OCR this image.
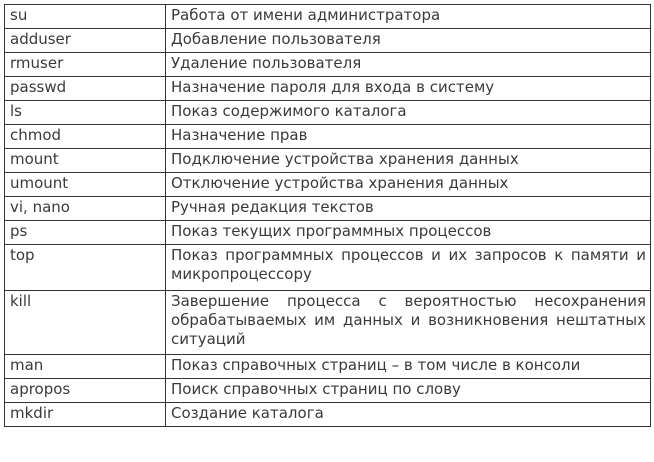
su	Работа от имени администратора
adduser	Добавление пользователя
rmuser	Удаление пользователя
passwd	Назначение пароля для входа в систему
ls	Показ содержимого каталога
chmod	Назначение прав
mount	Подключение устройства хранения данных
umount	Отключение устройства хранения данных
vi, nano	Ручная редакция текстов
ps	Показ текущих программных процессов
top	Показ программных процессов и их запросов к памяти и микропроцессору
kill	Завершение процесса с вероятностью несохранения обрабатываемых им данных и возникновения нештатных ситуаций
man	Показ справочных страниц – в том числе в консоли
apropos	Поиск справочных страниц по слову
mkdir	Создание каталога
